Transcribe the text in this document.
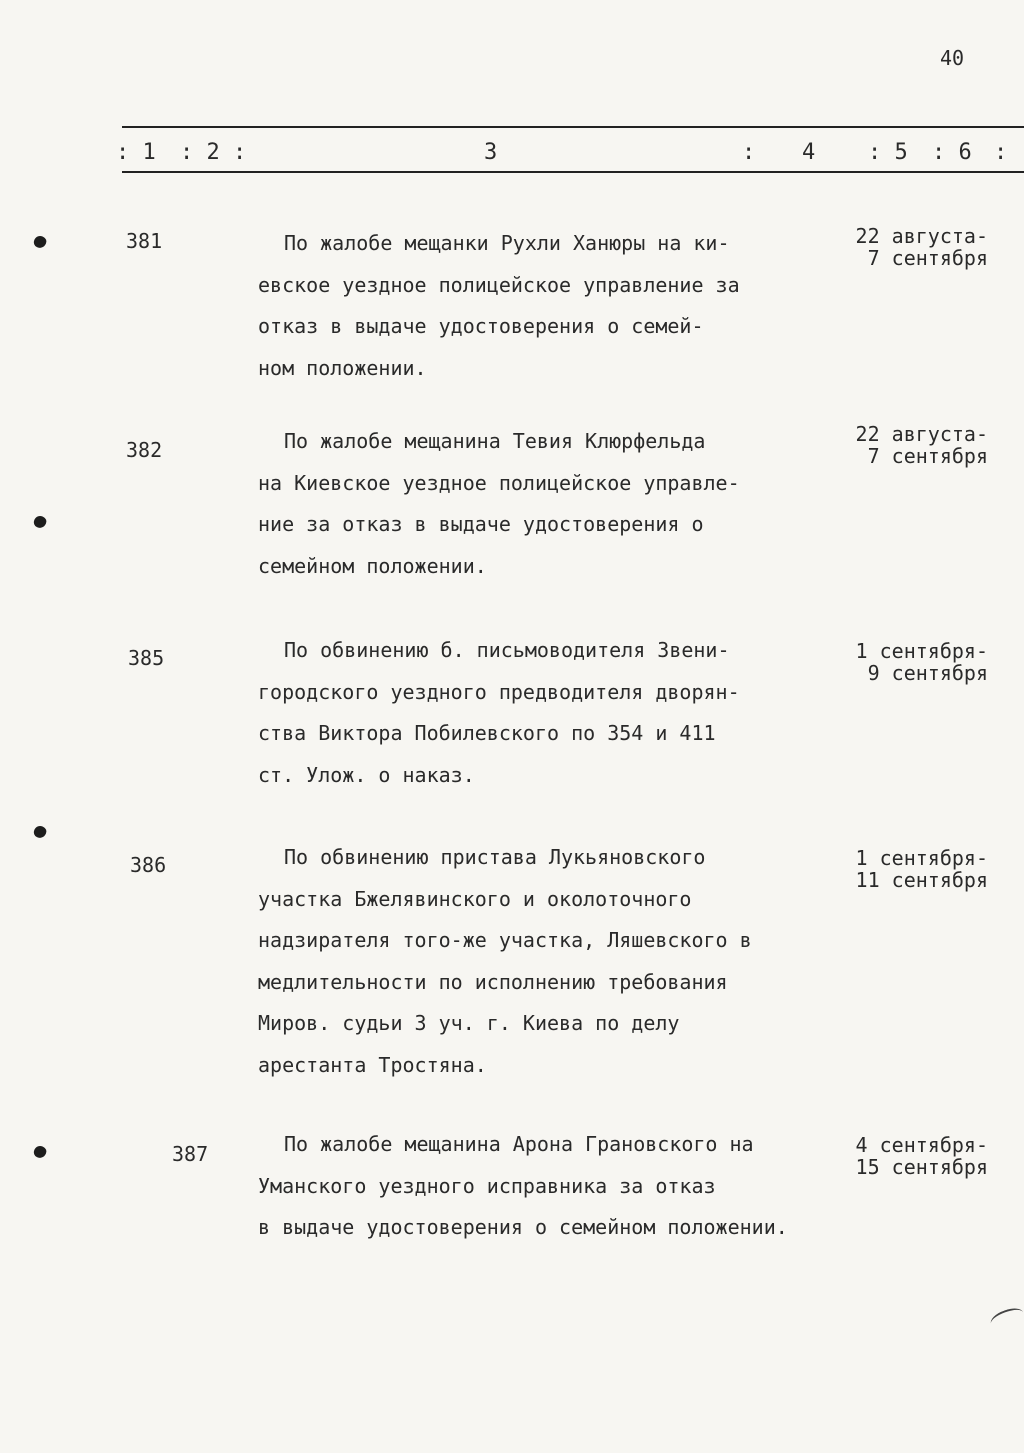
40
: 1 : 2 :	3	: 4 : 5 : 6 :
381	По жалобе мещанки Рухли Ханюры на ки-
евское уездное полицейское управление за
отказ в выдаче удостоверения о семей-
ном положении.
22 августа-
7 сентября
382	По жалобе мещанина Тевия Клюрфельда
на Киевское уездное полицейское управле-
ние за отказ в выдаче удостоверения о
семейном положении.
22 августа-
7 сентября
385	По обвинению б. письмоводителя Звени-
городского уездного предводителя дворян-
ства Виктора Побилевского по 354 и 411
ст. Улож. о наказ.
1 сентября-
9 сентября
386	По обвинению пристава Лукьяновского
участка Бжелявинского и околоточного
надзирателя того-же участка, Ляшевского в
медлительности по исполнению требования
Миров. судьи 3 уч. г. Киева по делу
арестанта Тростяна.
1 сентября-
11 сентября
387	По жалобе мещанина Арона Грановского на
Уманского уездного исправника за отказ
в выдаче удостоверения о семейном положении.
4 сентября-
15 сентября
